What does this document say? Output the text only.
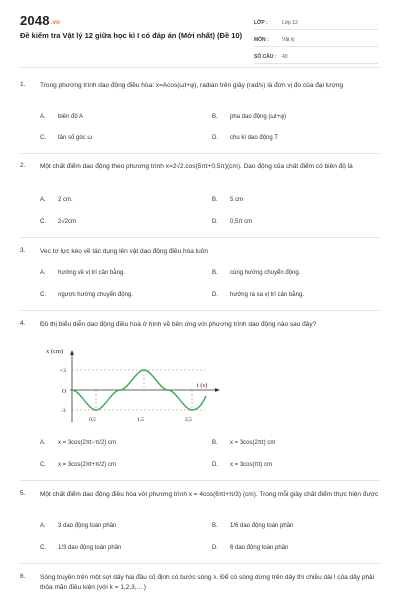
2048.vn
Đề kiểm tra Vật lý 12 giữa học kì I có đáp án (Mới nhất) (Đề 10)
LỚP :	Lớp 12
MÔN :	Vật lý
SỐ CÂU :	40
1. Trong phương trình dao động điều hòa: x=Acos(ωt+φ), radian trên giây (rad/s) là đơn vị đo của đại lượng
A. biên độ A	B. pha dao động (ωt+φ)
C. tần số góc ω	D. chu kì dao động T
2. Một chất điểm dao động theo phương trình x=2√2.cos(5πt+0,5π)(cm). Dao động của chất điểm có biên độ là
A. 2 cm.	B. 5 cm
C. 2√2cm	D. 0,5π cm
3. Vec tơ lực kéo về tác dụng lên vật dao động điều hòa luôn
A. hướng về vị trí cân bằng.	B. cùng hướng chuyển động.
C. ngược hướng chuyển động.	D. hướng ra xa vị trí cân bằng.
4. Đồ thị biểu diễn dao động điều hoà ở hình vẽ bên ứng với phương trình dao động nào sau đây?
x (cm)
t (s)
+3
O
-3
0,5	1,5	2,5
A. x = 3cos(2πt−π/2) cm	B. x = 3cos(2πt) cm
C. x = 3cos(2πt+π/2) cm	D. x = 3cos(πt) cm
5. Một chất điểm dao động điều hòa với phương trình x = 4cos(6πt+π/3) (cm). Trong mỗi giây chất điểm thực hiện được
A. 3 dao động toàn phần	B. 1/6 dao động toàn phần
C. 1/3 dao động toàn phần	D. 6 dao động toàn phần
6. Sóng truyền trên một sợi dây hai đầu cố định có bước sóng λ. Để có sóng dừng trên dây thì chiều dài l của dây phải thỏa mãn điều kiện (với k = 1,2,3,... )
